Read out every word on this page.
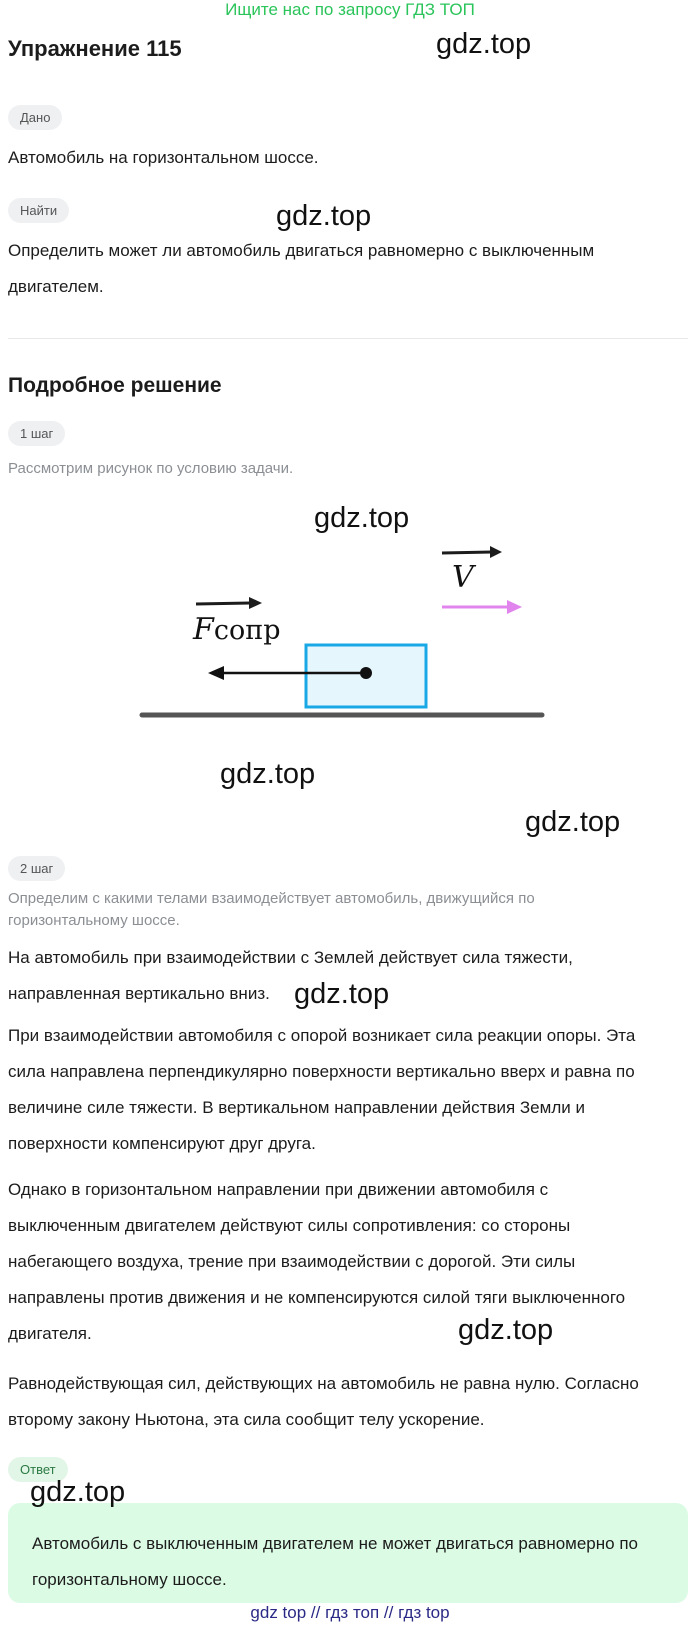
Ищите нас по запросу ГДЗ ТОП
Упражнение 115	gdz.top
Дано
Автомобиль на горизонтальном шоссе.
Найти	gdz.top
Определить может ли автомобиль двигаться равномерно с выключенным двигателем.
Подробное решение
1 шаг
Рассмотрим рисунок по условию задачи.
gdz.top
V
Fсопр
gdz.top
gdz.top
2 шаг
Определим с какими телами взаимодействует автомобиль, движущийся по горизонтальному шоссе.
На автомобиль при взаимодействии с Землей действует сила тяжести, направленная вертикально вниз. gdz.top
При взаимодействии автомобиля с опорой возникает сила реакции опоры. Эта сила направлена перпендикулярно поверхности вертикально вверх и равна по величине силе тяжести. В вертикальном направлении действия Земли и поверхности компенсируют друг друга.
Однако в горизонтальном направлении при движении автомобиля с выключенным двигателем действуют силы сопротивления: со стороны набегающего воздуха, трение при взаимодействии с дорогой. Эти силы направлены против движения и не компенсируются силой тяги выключенного двигателя.	gdz.top
Равнодействующая сил, действующих на автомобиль не равна нулю. Согласно второму закону Ньютона, эта сила сообщит телу ускорение.
Ответ
gdz.top
Автомобиль с выключенным двигателем не может двигаться равномерно по горизонтальному шоссе.
gdz top // гдз топ // гдз top
